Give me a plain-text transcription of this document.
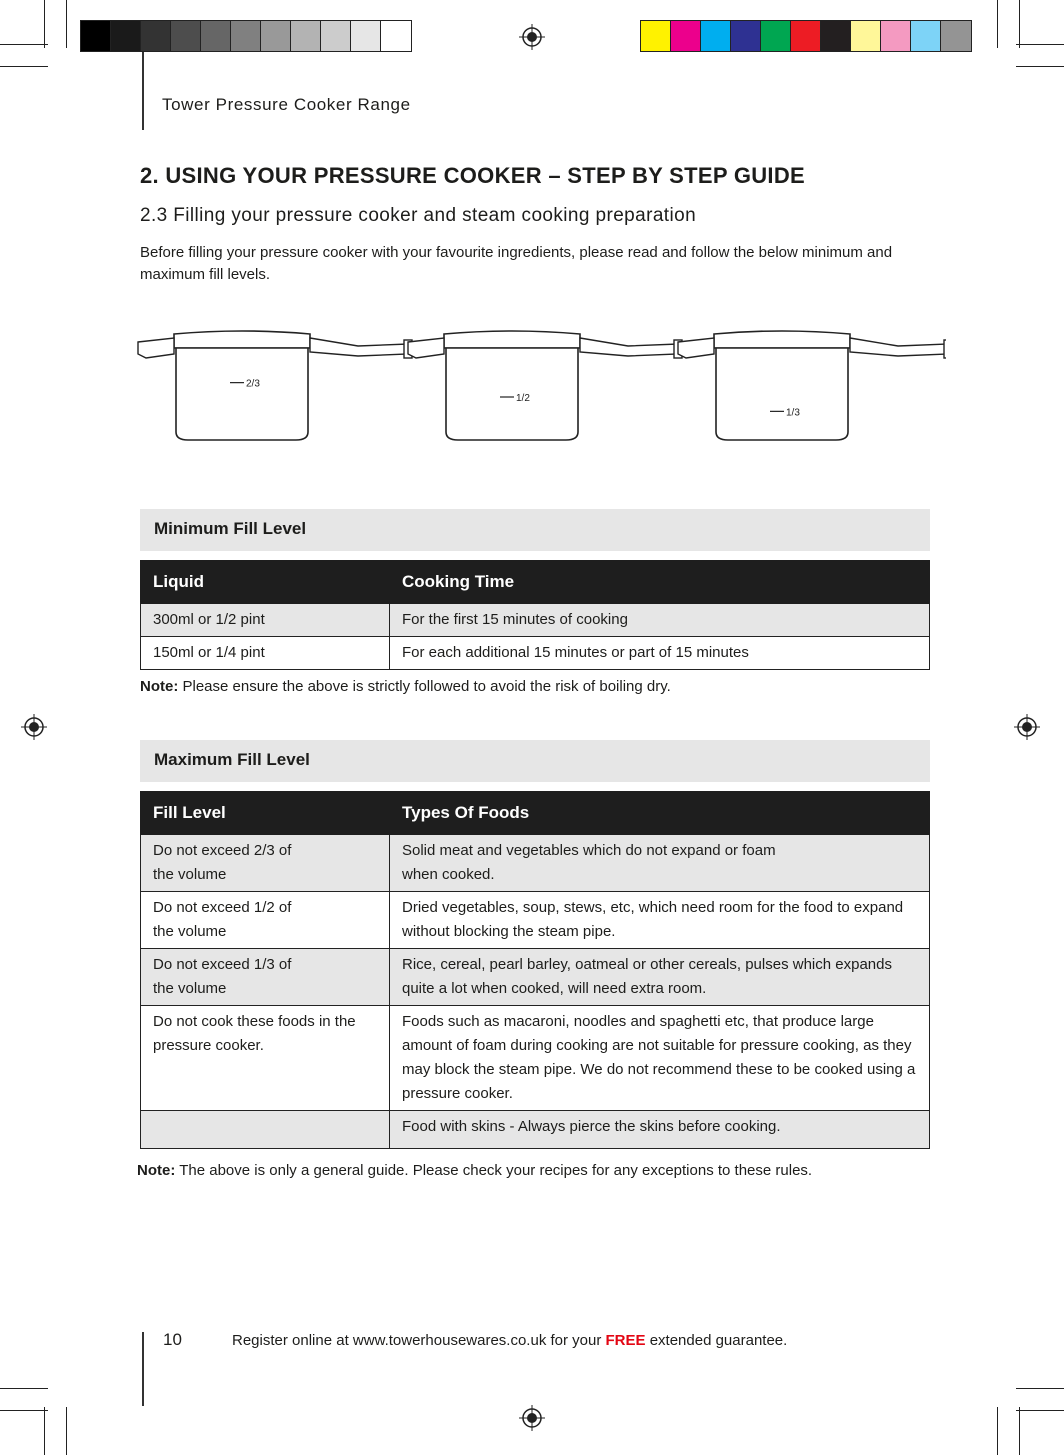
Tower Pressure Cooker Range
2. USING YOUR PRESSURE COOKER – STEP BY STEP GUIDE
2.3 Filling your pressure cooker and steam cooking preparation
Before filling your pressure cooker with your favourite ingredients, please read and follow the below minimum and maximum fill levels.
2/3
1/2
1/3
Minimum Fill Level
Liquid	Cooking Time
300ml or 1/2 pint	For the first 15 minutes of cooking
150ml or 1/4 pint	For each additional 15 minutes or part of 15 minutes
Note: Please ensure the above is strictly followed to avoid the risk of boiling dry.
Maximum Fill Level
Fill Level	Types Of Foods
Do not exceed 2/3 of
the volume	Solid meat and vegetables which do not expand or foam
when cooked.
Do not exceed 1/2 of
the volume	Dried vegetables, soup, stews, etc, which need room for the food to expand without blocking the steam pipe.
Do not exceed 1/3 of
the volume	Rice, cereal, pearl barley, oatmeal or other cereals, pulses which expands quite a lot when cooked, will need extra room.
Do not cook these foods in the pressure cooker.	Foods such as macaroni, noodles and spaghetti etc, that produce large amount of foam during cooking are not suitable for pressure cooking, as they may block the steam pipe. We do not recommend these to be cooked using a pressure cooker.
	Food with skins - Always pierce the skins before cooking.
Note: The above is only a general guide. Please check your recipes for any exceptions to these rules.
10	Register online at www.towerhousewares.co.uk for your FREE extended guarantee.
